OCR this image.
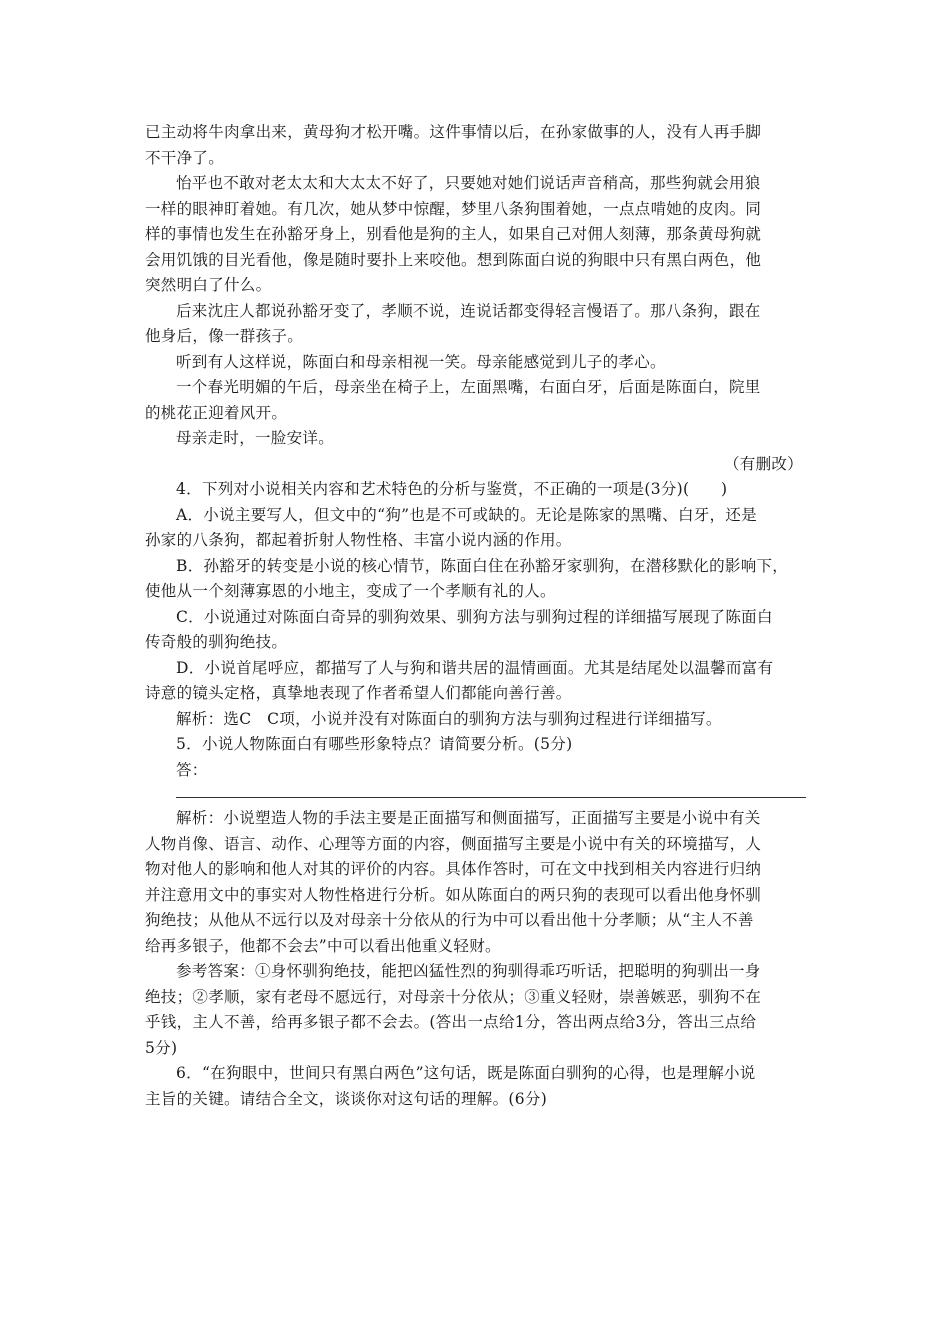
已主动将牛肉拿出来，黄母狗才松开嘴。这件事情以后，在孙家做事的人，没有人再手脚
不干净了。
怡平也不敢对老太太和大太太不好了，只要她对她们说话声音稍高，那些狗就会用狼
一样的眼神盯着她。有几次，她从梦中惊醒，梦里八条狗围着她，一点点啃她的皮肉。同
样的事情也发生在孙豁牙身上，别看他是狗的主人，如果自己对佣人刻薄，那条黄母狗就
会用饥饿的目光看他，像是随时要扑上来咬他。想到陈面白说的狗眼中只有黑白两色，他
突然明白了什么。
后来沈庄人都说孙豁牙变了，孝顺不说，连说话都变得轻言慢语了。那八条狗，跟在
他身后，像一群孩子。
听到有人这样说，陈面白和母亲相视一笑。母亲能感觉到儿子的孝心。
一个春光明媚的午后，母亲坐在椅子上，左面黑嘴，右面白牙，后面是陈面白，院里
的桃花正迎着风开。
母亲走时，一脸安详。
（有删改）
4．下列对小说相关内容和艺术特色的分析与鉴赏，不正确的一项是(3分)(　　)
A．小说主要写人，但文中的“狗”也是不可或缺的。无论是陈家的黑嘴、白牙，还是
孙家的八条狗，都起着折射人物性格、丰富小说内涵的作用。
B．孙豁牙的转变是小说的核心情节，陈面白住在孙豁牙家驯狗，在潜移默化的影响下，
使他从一个刻薄寡恩的小地主，变成了一个孝顺有礼的人。
C．小说通过对陈面白奇异的驯狗效果、驯狗方法与驯狗过程的详细描写展现了陈面白
传奇般的驯狗绝技。
D．小说首尾呼应，都描写了人与狗和谐共居的温情画面。尤其是结尾处以温馨而富有
诗意的镜头定格，真挚地表现了作者希望人们都能向善行善。
解析：选C　C项，小说并没有对陈面白的驯狗方法与驯狗过程进行详细描写。
5．小说人物陈面白有哪些形象特点？请简要分析。(5分)
答：
解析：小说塑造人物的手法主要是正面描写和侧面描写，正面描写主要是小说中有关
人物肖像、语言、动作、心理等方面的内容，侧面描写主要是小说中有关的环境描写，人
物对他人的影响和他人对其的评价的内容。具体作答时，可在文中找到相关内容进行归纳
并注意用文中的事实对人物性格进行分析。如从陈面白的两只狗的表现可以看出他身怀驯
狗绝技；从他从不远行以及对母亲十分依从的行为中可以看出他十分孝顺；从“主人不善
给再多银子，他都不会去”中可以看出他重义轻财。
参考答案：①身怀驯狗绝技，能把凶猛性烈的狗驯得乖巧听话，把聪明的狗驯出一身
绝技；②孝顺，家有老母不愿远行，对母亲十分依从；③重义轻财，崇善嫉恶，驯狗不在
乎钱，主人不善，给再多银子都不会去。(答出一点给1分，答出两点给3分，答出三点给
5分)
6．“在狗眼中，世间只有黑白两色”这句话，既是陈面白驯狗的心得，也是理解小说
主旨的关键。请结合全文，谈谈你对这句话的理解。(6分)
